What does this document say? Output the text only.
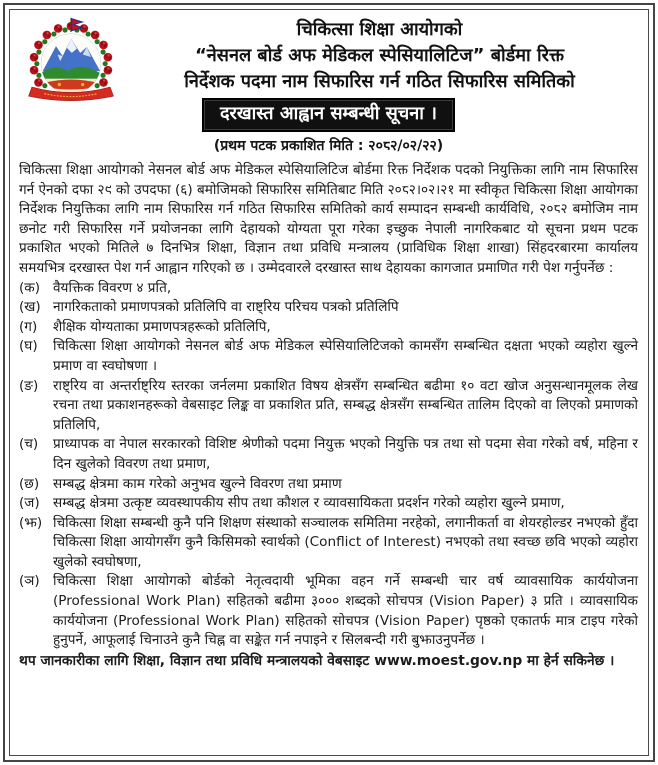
चिकित्सा शिक्षा आयोगको
“नेसनल बोर्ड अफ मेडिकल स्पेसियालिटिज” बोर्डमा रिक्त
निर्देशक पदमा नाम सिफारिस गर्न गठित सिफारिस समितिको
दरखास्त आह्वान सम्बन्धी सूचना ।
(प्रथम पटक प्रकाशित मिति : २०८२/०२/२२)

चिकित्सा शिक्षा आयोगको नेसनल बोर्ड अफ मेडिकल स्पेसियालिटिज बोर्डमा रिक्त निर्देशक पदको नियुक्तिका लागि नाम सिफारिस गर्न ऐनको दफा २९ को उपदफा (६) बमोजिमको सिफारिस समितिबाट मिति २०८२।०२।२१ मा स्वीकृत चिकित्सा शिक्षा आयोगका निर्देशक नियुक्तिका लागि नाम सिफारिस गर्न गठित सिफारिस समितिको कार्य सम्पादन सम्बन्धी कार्यविधि, २०८२ बमोजिम नाम छनोट गरी सिफारिस गर्ने प्रयोजनका लागि देहायको योग्यता पूरा गरेका इच्छुक नेपाली नागरिकबाट यो सूचना प्रथम पटक प्रकाशित भएको मितिले ७ दिनभित्र शिक्षा, विज्ञान तथा प्रविधि मन्त्रालय (प्राविधिक शिक्षा शाखा) सिंहदरबारमा कार्यालय समयभित्र दरखास्त पेश गर्न आह्वान गरिएको छ । उम्मेदवारले दरखास्त साथ देहायका कागजात प्रमाणित गरी पेश गर्नुपर्नेछ :

(क) वैयक्तिक विवरण ४ प्रति,
(ख) नागरिकताको प्रमाणपत्रको प्रतिलिपि वा राष्ट्रिय परिचय पत्रको प्रतिलिपि
(ग)	शैक्षिक योग्यताका प्रमाणपत्रहरूको प्रतिलिपि,
(घ)	चिकित्सा शिक्षा आयोगको नेसनल बोर्ड अफ मेडिकल स्पेसियालिटिजको कामसँग सम्बन्धित दक्षता भएको व्यहोरा खुल्ने प्रमाण वा स्वघोषणा ।
(ङ)	राष्ट्रिय वा अन्तर्राष्ट्रिय स्तरका जर्नलमा प्रकाशित विषय क्षेत्रसँग सम्बन्धित बढीमा १० वटा खोज अनुसन्धानमूलक लेख रचना तथा प्रकाशनहरूको वेबसाइट लिङ्क वा प्रकाशित प्रति, सम्बद्ध क्षेत्रसँग सम्बन्धित तालिम दिएको वा लिएको प्रमाणको प्रतिलिपि,
(च)	प्राध्यापक वा नेपाल सरकारको विशिष्ट श्रेणीको पदमा नियुक्त भएको नियुक्ति पत्र तथा सो पदमा सेवा गरेको वर्ष, महिना र दिन खुलेको विवरण तथा प्रमाण,
(छ)	सम्बद्ध क्षेत्रमा काम गरेको अनुभव खुल्ने विवरण तथा प्रमाण
(ज) सम्बद्ध क्षेत्रमा उत्कृष्ट व्यवस्थापकीय सीप तथा कौशल र व्यावसायिकता प्रदर्शन गरेको व्यहोरा खुल्ने प्रमाण,
(झ) चिकित्सा शिक्षा सम्बन्धी कुनै पनि शिक्षण संस्थाको सञ्चालक समितिमा नरहेको, लगानीकर्ता वा शेयरहोल्डर नभएको हुँदा चिकित्सा शिक्षा आयोगसँग कुनै किसिमको स्वार्थको (Conflict of Interest) नभएको तथा स्वच्छ छवि भएको व्यहोरा खुलेको स्वघोषणा,
(ञ) चिकित्सा शिक्षा आयोगको बोर्डको नेतृत्वदायी भूमिका वहन गर्ने सम्बन्धी चार वर्ष व्यावसायिक कार्ययोजना (Professional Work Plan) सहितको बढीमा ३००० शब्दको सोचपत्र (Vision Paper) ३ प्रति । व्यावसायिक कार्ययोजना (Professional Work Plan) सहितको सोचपत्र (Vision Paper) पृष्ठको एकातर्फ मात्र टाइप गरेको हुनुपर्ने, आफूलाई चिनाउने कुनै चिह्न वा सङ्केत गर्न नपाइने र सिलबन्दी गरी बुझाउनुपर्नेछ ।
थप जानकारीका लागि शिक्षा, विज्ञान तथा प्रविधि मन्त्रालयको वेबसाइट www.moest.gov.np मा हेर्न सकिनेछ ।
